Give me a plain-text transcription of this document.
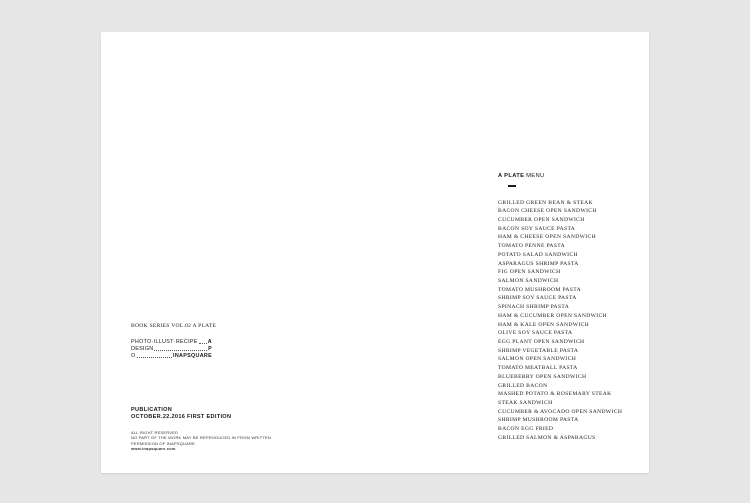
BOOK SERIES VOL.02 A PLATE
PHOTO·ILLUST·RECIPE A
DESIGN	P
O	INAPSQUARE
PUBLICATION
OCTOBER.22.2016 FIRST EDITION
ALL RIGHT RESERVED
NO PART OF THE WORK MAY BE REPRODUCED IN FROM WRITTEN
PERMISSION OF INAPSQUARE.
www.inapsquare.com
A PLATE MENU
GRILLED GREEN BEAN & STEAK
BACON CHEESE OPEN SANDWICH
CUCUMBER OPEN SANDWICH
BACON SOY SAUCE PASTA
HAM & CHEESE OPEN SANDWICH
TOMATO PENNE PASTA
POTATO SALAD SANDWICH
ASPARAGUS SHRIMP PASTA
FIG OPEN SANDWICH
SALMON SANDWICH
TOMATO MUSHROOM PASTA
SHRIMP SOY SAUCE PASTA
SPINACH SHRIMP PASTA
HAM & CUCUMBER OPEN SANDWICH
HAM & KALE OPEN SANDWICH
OLIVE SOY SAUCE PASTA
EGG PLANT OPEN SANDWICH
SHRIMP VEGETABLE PASTA
SALMON OPEN SANDWICH
TOMATO MEATBALL PASTA
BLUEBERRY OPEN SANDWICH
GRILLED BACON
MASHED POTATO & ROSEMARY STEAK
STEAK SANDWICH
CUCUMBER & AVOCADO OPEN SANDWICH
SHRIMP MUSHROOM PASTA
BACON EGG FRIED
GRILLED SALMON & ASPARAGUS
